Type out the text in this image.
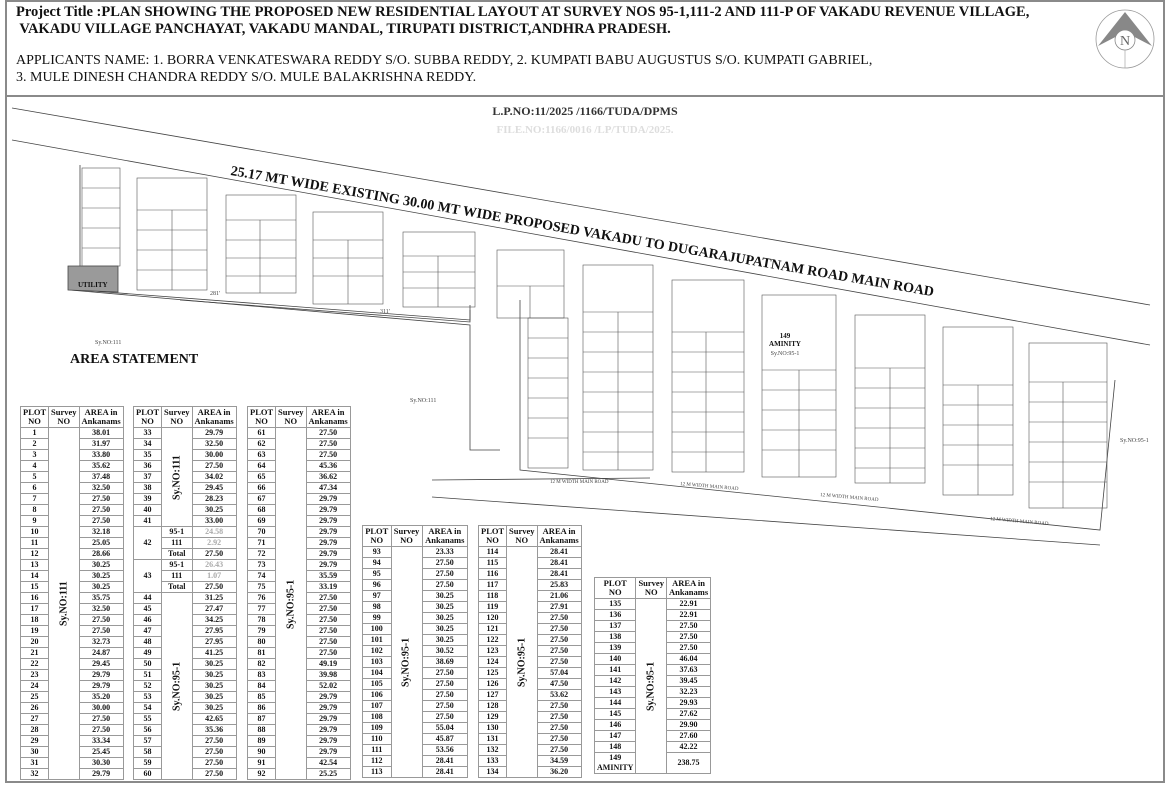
Project Title :PLAN SHOWING THE PROPOSED NEW RESIDENTIAL LAYOUT AT SURVEY NOS 95-1,111-2 AND 111-P OF VAKADU REVENUE VILLAGE,
VAKADU VILLAGE PANCHAYAT, VAKADU MANDAL, TIRUPATI DISTRICT,ANDHRA PRADESH.
APPLICANTS NAME: 1. BORRA VENKATESWARA REDDY S/O. SUBBA REDDY, 2. KUMPATI BABU AUGUSTUS S/O. KUMPATI GABRIEL,
3. MULE DINESH CHANDRA REDDY S/O. MULE BALAKRISHNA REDDY.
N
L.P.NO:11/2025 /1166/TUDA/DPMS
FILE.NO:1166/0016 /LP/TUDA/2025.
UTILITY
149
AMINITY
Sy.NO:95-1
Sy.NO:111
Sy.NO:111
Sy.NO:95-1
281'
311'
12 M WIDTH MAIN ROAD	12 M WIDTH MAIN ROAD
12 M WIDTH MAIN ROAD
12 M WIDTH MAIN ROAD
25.17 MT WIDE EXISTING 30.00 MT WIDE PROPOSED VAKADU TO DUGARAJUPATNAM ROAD MAIN ROAD
AREA STATEMENT
PLOT NO	Survey NO	AREA in Ankanams
1	Sy.NO:111	38.01
2		31.97
3		33.80
4		35.62
5		37.48
6		32.50
7		27.50
8		27.50
9		27.50
10		32.18
11		25.05
12		28.66
13		30.25
14		30.25
15		30.25
16		35.75
17		32.50
18		27.50
19		27.50
20		32.73
21		24.87
22		29.45
23		29.79
24		29.79
25		35.20
26		30.00
27		27.50
28		27.50
29		33.34
30		25.45
31		30.30
32		29.79
PLOT NO	Survey NO	AREA in Ankanams
33	Sy.NO:111	29.79
34		32.50
35		30.00
36		27.50
37		34.02
38		29.45
39		28.23
40		30.25
41		33.00
42	95-1	24.58
	111	2.92
	Total	27.50
43	95-1	26.43
	111	1.07
	Total	27.50
44	Sy.NO:95-1	31.25
45		27.47
46		34.25
47		27.95
48		27.95
49		41.25
50		30.25
51		30.25
52		30.25
53		30.25
54		30.25
55		42.65
56		35.36
57		27.50
58		27.50
59		27.50
60		27.50
PLOT NO	Survey NO	AREA in Ankanams
61	Sy.NO:95-1	27.50
62		27.50
63		27.50
64		45.36
65		36.62
66		47.34
67		29.79
68		29.79
69		29.79
70		29.79
71		29.79
72		29.79
73		29.79
74		35.59
75		33.19
76		27.50
77		27.50
78		27.50
79		27.50
80		27.50
81		27.50
82		49.19
83		39.98
84		52.02
85		29.79
86		29.79
87		29.79
88		29.79
89		29.79
90		29.79
91		42.54
92		25.25
PLOT NO	Survey NO	AREA in Ankanams
93	Sy.NO:95-1	23.33
94		27.50
95		27.50
96		27.50
97		30.25
98		30.25
99		30.25
100		30.25
101		30.25
102		30.52
103		38.69
104		27.50
105		27.50
106		27.50
107		27.50
108		27.50
109		55.04
110		45.87
111		53.56
112		28.41
113		28.41
PLOT NO	Survey NO	AREA in Ankanams
114	Sy.NO:95-1	28.41
115		28.41
116		28.41
117		25.83
118		21.06
119		27.91
120		27.50
121		27.50
122		27.50
123		27.50
124		27.50
125		57.04
126		47.50
127		53.62
128		27.50
129		27.50
130		27.50
131		27.50
132		27.50
133		34.59
134		36.20
PLOT NO	Survey NO	AREA in Ankanams
135	Sy.NO:95-1	22.91
136		22.91
137		27.50
138		27.50
139		27.50
140		46.04
141		37.63
142		39.45
143		32.23
144		29.93
145		27.62
146		29.90
147		27.60
148		42.22
149 AMINITY		238.75
